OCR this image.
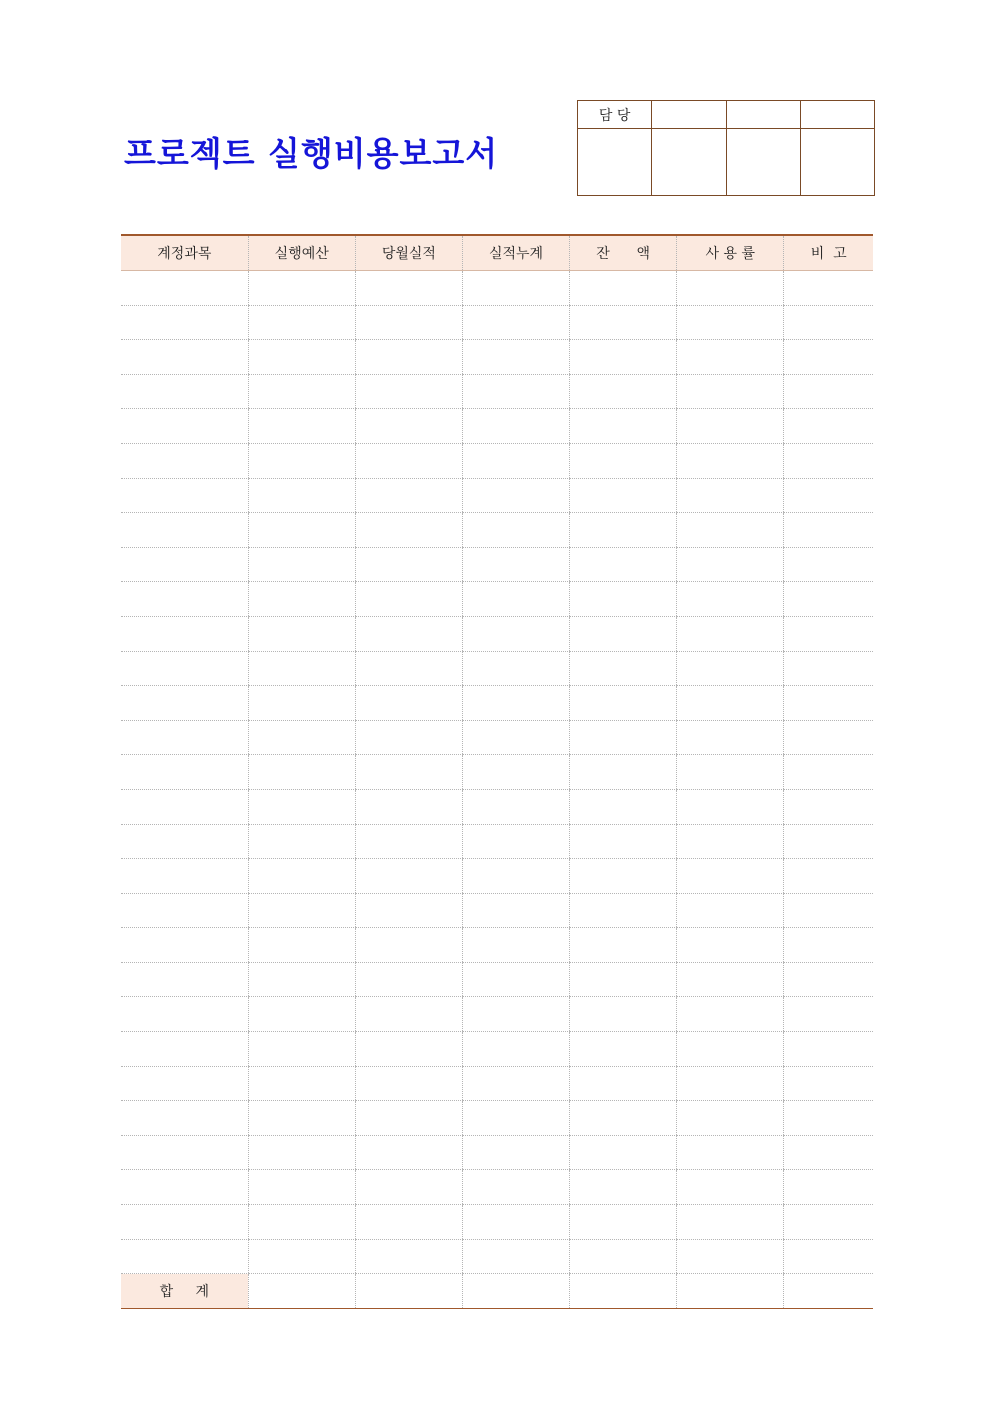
프로젝트 실행비용보고서
담 당			

계정과목	실행예산	당월실적	실적누계	잔      액	사 용 률	비  고

합     계						
